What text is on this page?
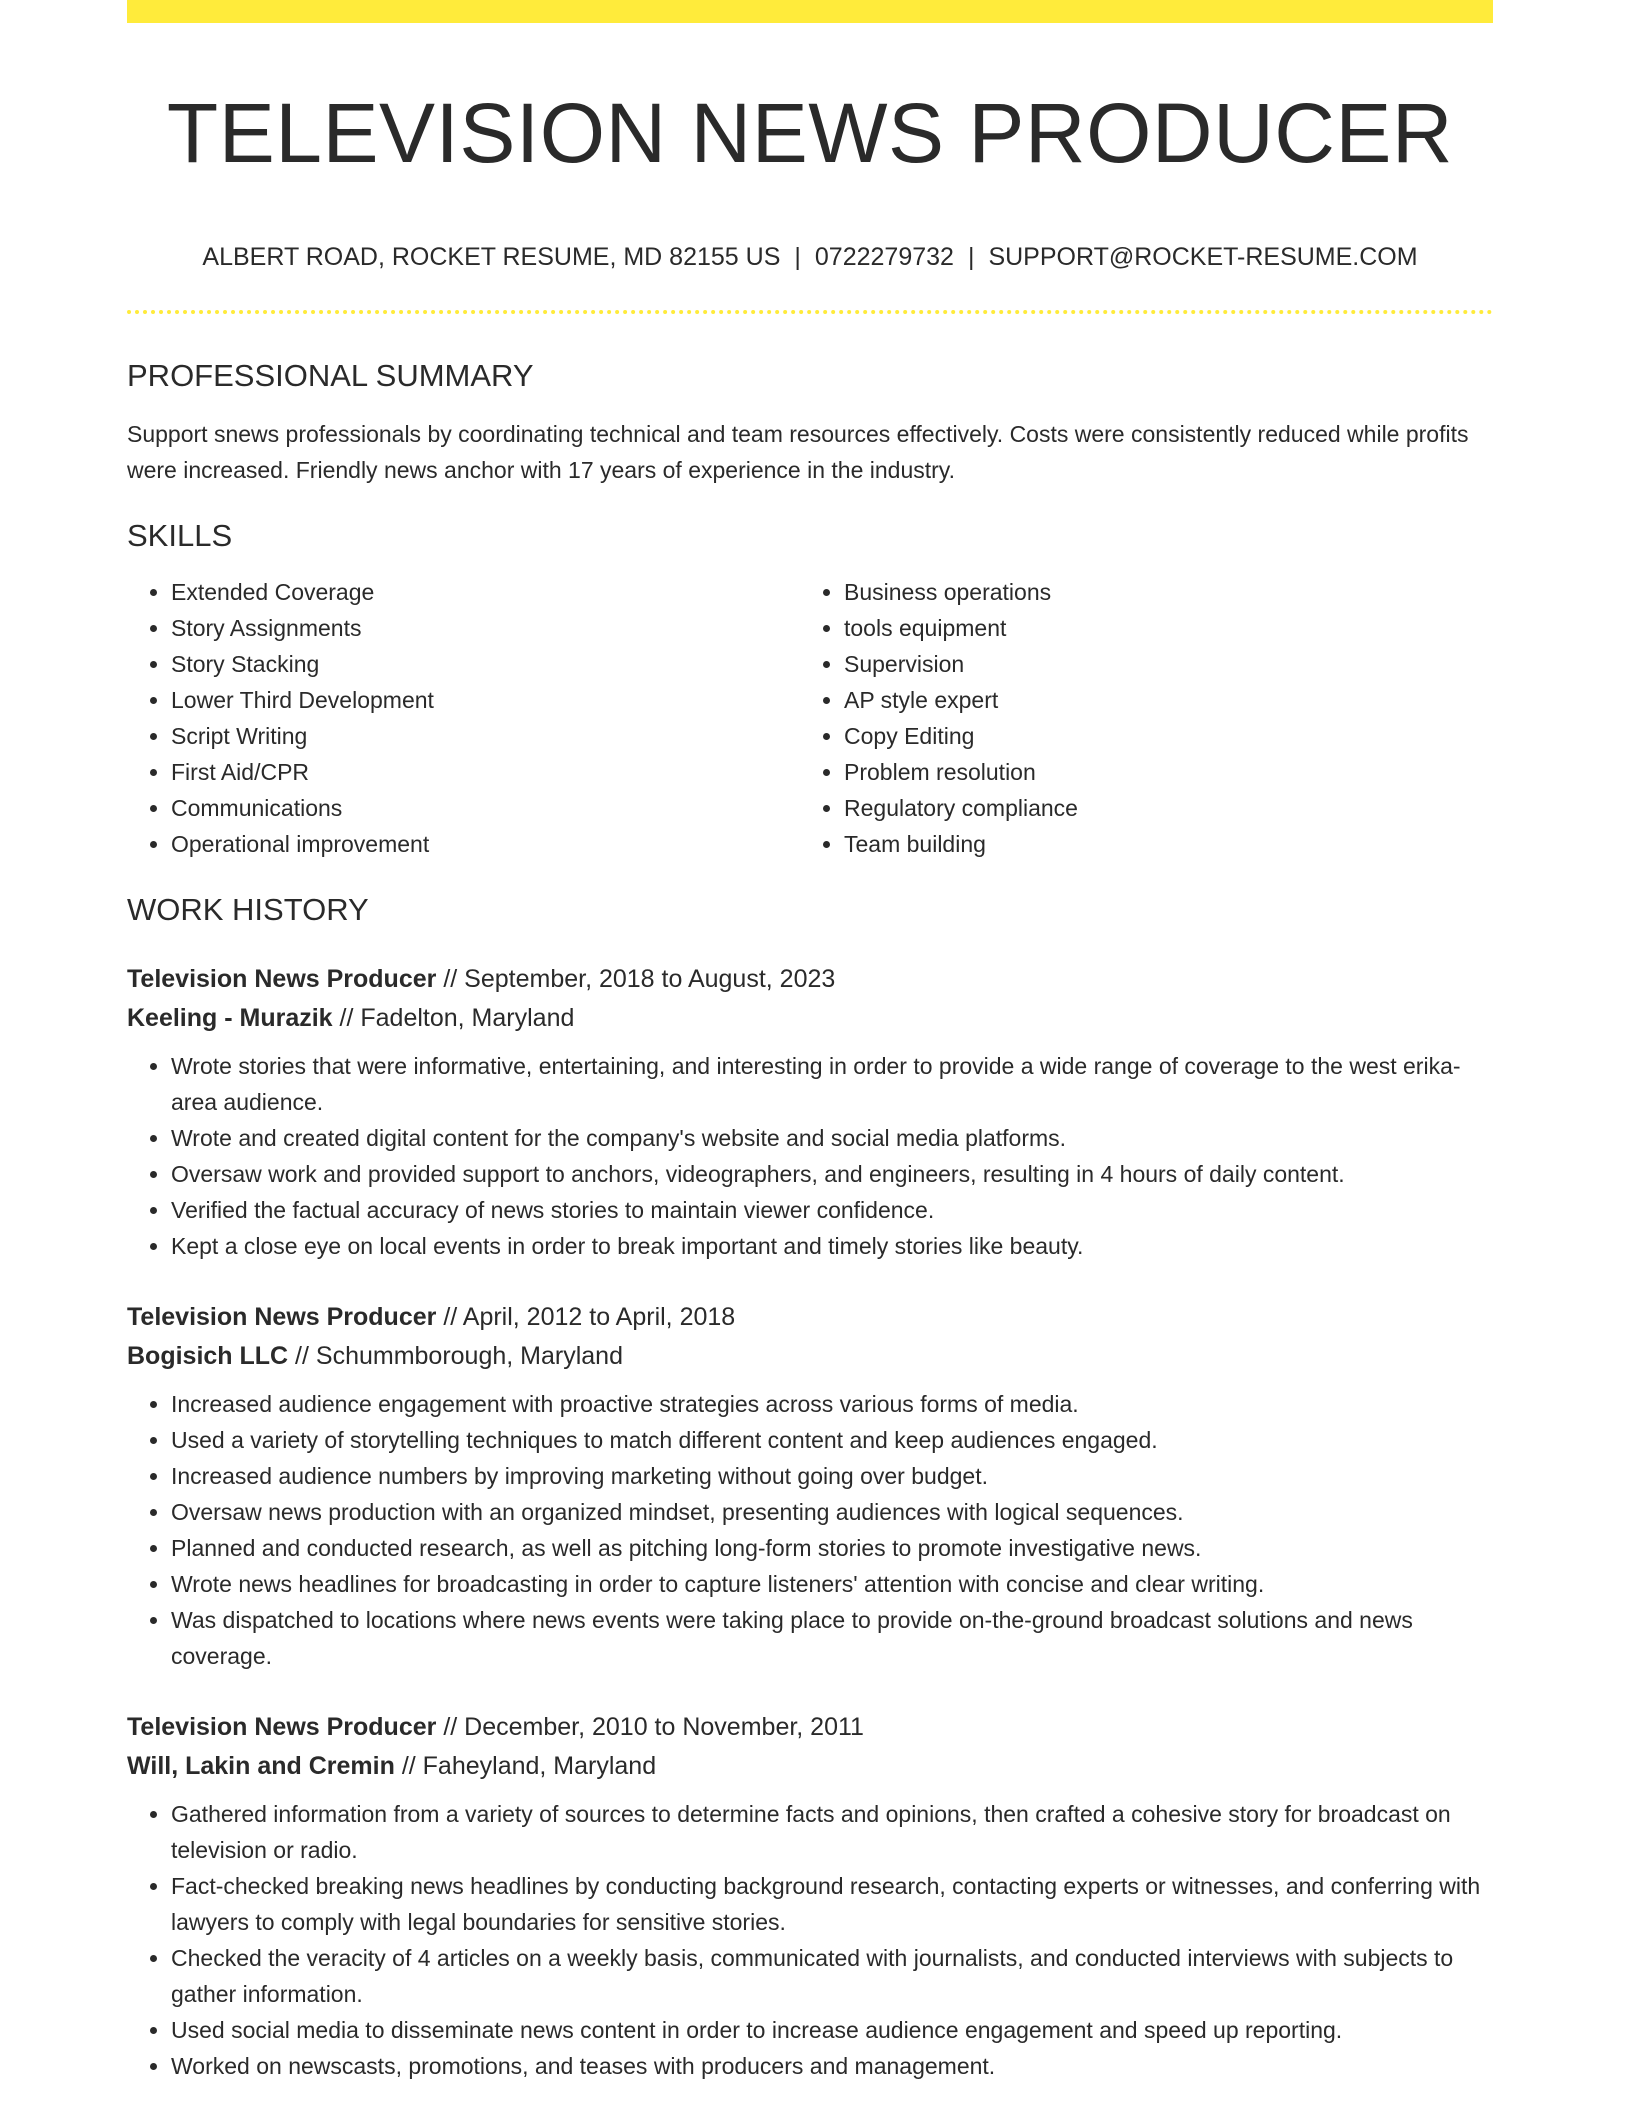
TELEVISION NEWS PRODUCER
ALBERT ROAD, ROCKET RESUME, MD 82155 US | 0722279732 | SUPPORT@ROCKET-RESUME.COM
PROFESSIONAL SUMMARY
Support snews professionals by coordinating technical and team resources effectively. Costs were consistently reduced while profits were increased. Friendly news anchor with 17 years of experience in the industry.
SKILLS
• Extended Coverage
• Story Assignments
• Story Stacking
• Lower Third Development
• Script Writing
• First Aid/CPR
• Communications
• Operational improvement
• Business operations
• tools equipment
• Supervision
• AP style expert
• Copy Editing
• Problem resolution
• Regulatory compliance
• Team building
WORK HISTORY
Television News Producer // September, 2018 to August, 2023
Keeling - Murazik // Fadelton, Maryland
• Wrote stories that were informative, entertaining, and interesting in order to provide a wide range of coverage to the west erika-area audience.
• Wrote and created digital content for the company's website and social media platforms.
• Oversaw work and provided support to anchors, videographers, and engineers, resulting in 4 hours of daily content.
• Verified the factual accuracy of news stories to maintain viewer confidence.
• Kept a close eye on local events in order to break important and timely stories like beauty.
Television News Producer // April, 2012 to April, 2018
Bogisich LLC // Schummborough, Maryland
• Increased audience engagement with proactive strategies across various forms of media.
• Used a variety of storytelling techniques to match different content and keep audiences engaged.
• Increased audience numbers by improving marketing without going over budget.
• Oversaw news production with an organized mindset, presenting audiences with logical sequences.
• Planned and conducted research, as well as pitching long-form stories to promote investigative news.
• Wrote news headlines for broadcasting in order to capture listeners' attention with concise and clear writing.
• Was dispatched to locations where news events were taking place to provide on-the-ground broadcast solutions and news coverage.
Television News Producer // December, 2010 to November, 2011
Will, Lakin and Cremin // Faheyland, Maryland
• Gathered information from a variety of sources to determine facts and opinions, then crafted a cohesive story for broadcast on television or radio.
• Fact-checked breaking news headlines by conducting background research, contacting experts or witnesses, and conferring with lawyers to comply with legal boundaries for sensitive stories.
• Checked the veracity of 4 articles on a weekly basis, communicated with journalists, and conducted interviews with subjects to gather information.
• Used social media to disseminate news content in order to increase audience engagement and speed up reporting.
• Worked on newscasts, promotions, and teases with producers and management.
